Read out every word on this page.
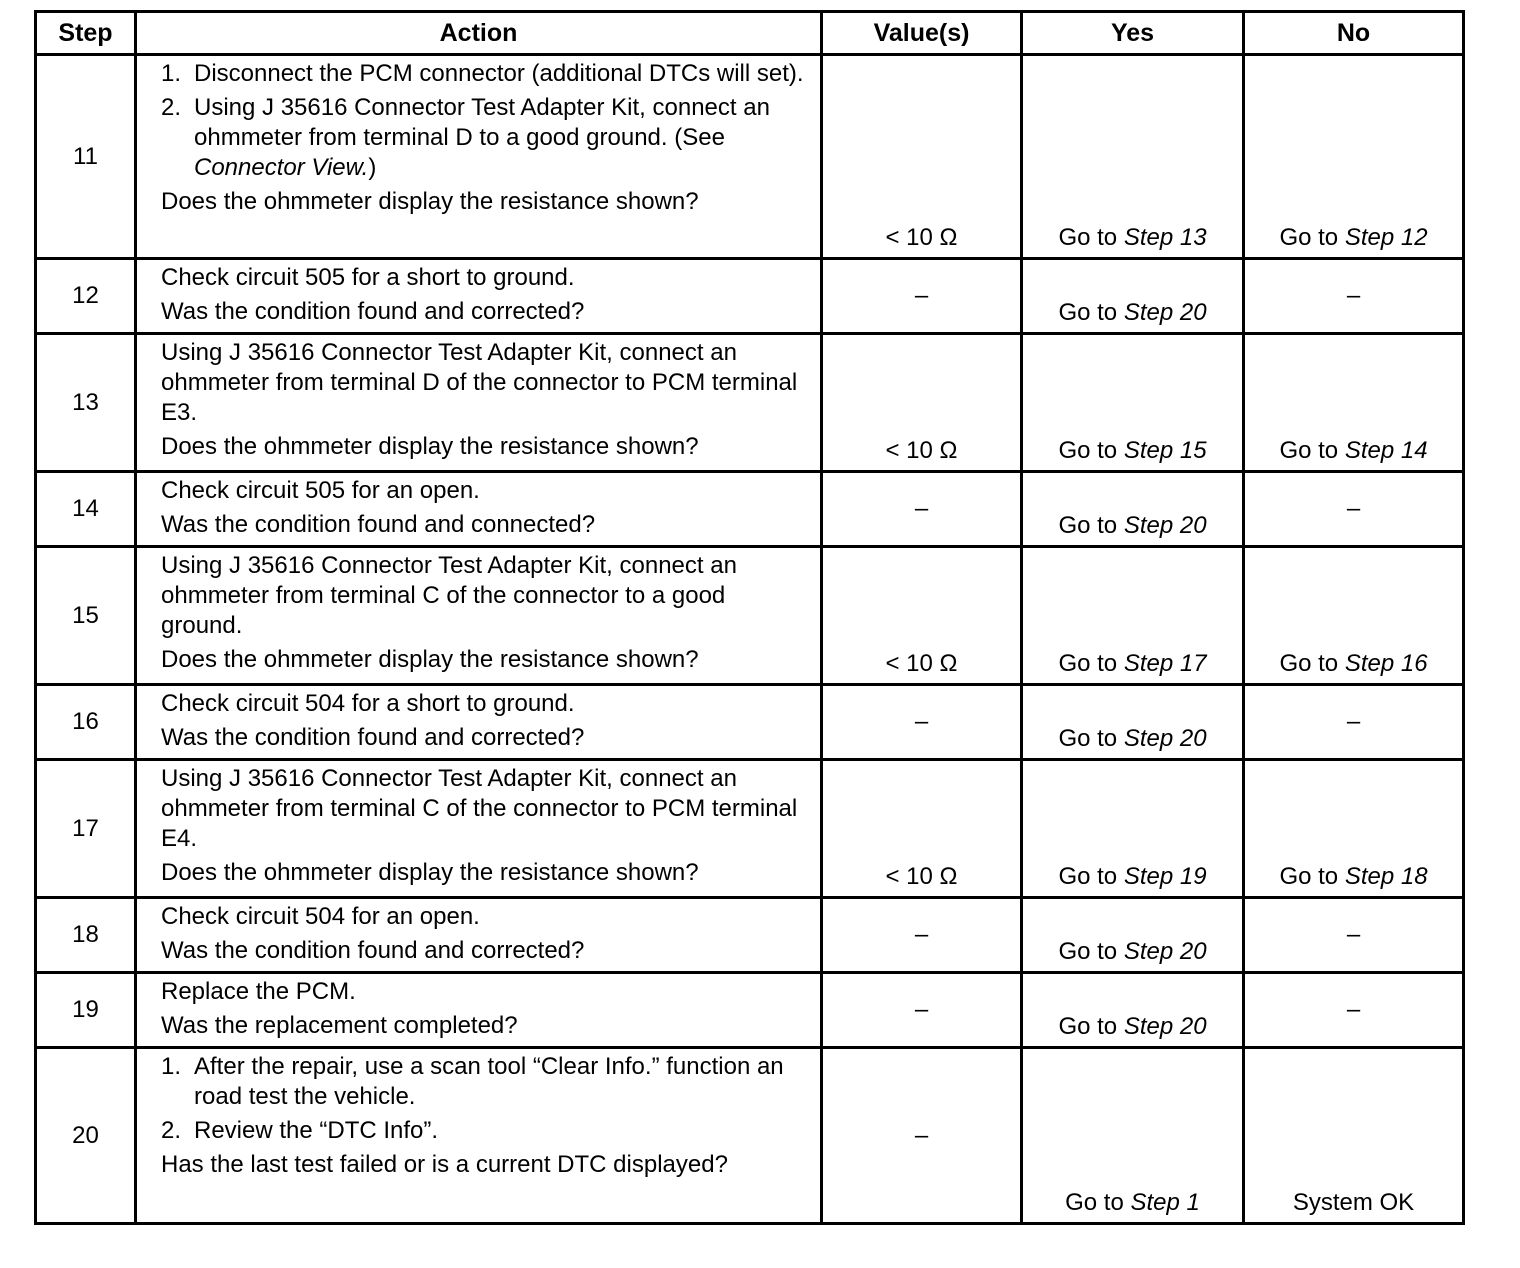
Step	Action	Value(s)	Yes	No
11	1. Disconnect the PCM connector (additional DTCs will set).
2. Using J 35616 Connector Test Adapter Kit, connect an ohmmeter from terminal D to a good ground. (See Connector View.)
Does the ohmmeter display the resistance shown?	< 10 Ω	Go to Step 13	Go to Step 12
12	Check circuit 505 for a short to ground.
Was the condition found and corrected?	–	Go to Step 20	–
13	Using J 35616 Connector Test Adapter Kit, connect an ohmmeter from terminal D of the connector to PCM terminal E3.
Does the ohmmeter display the resistance shown?	< 10 Ω	Go to Step 15	Go to Step 14
14	Check circuit 505 for an open.
Was the condition found and connected?	–	Go to Step 20	–
15	Using J 35616 Connector Test Adapter Kit, connect an ohmmeter from terminal C of the connector to a good ground.
Does the ohmmeter display the resistance shown?	< 10 Ω	Go to Step 17	Go to Step 16
16	Check circuit 504 for a short to ground.
Was the condition found and corrected?	–	Go to Step 20	–
17	Using J 35616 Connector Test Adapter Kit, connect an ohmmeter from terminal C of the connector to PCM terminal E4.
Does the ohmmeter display the resistance shown?	< 10 Ω	Go to Step 19	Go to Step 18
18	Check circuit 504 for an open.
Was the condition found and corrected?	–	Go to Step 20	–
19	Replace the PCM.
Was the replacement completed?	–	Go to Step 20	–
20	1. After the repair, use a scan tool “Clear Info.” function an road test the vehicle.
2. Review the “DTC Info”.
Has the last test failed or is a current DTC displayed?	–	Go to Step 1	System OK
